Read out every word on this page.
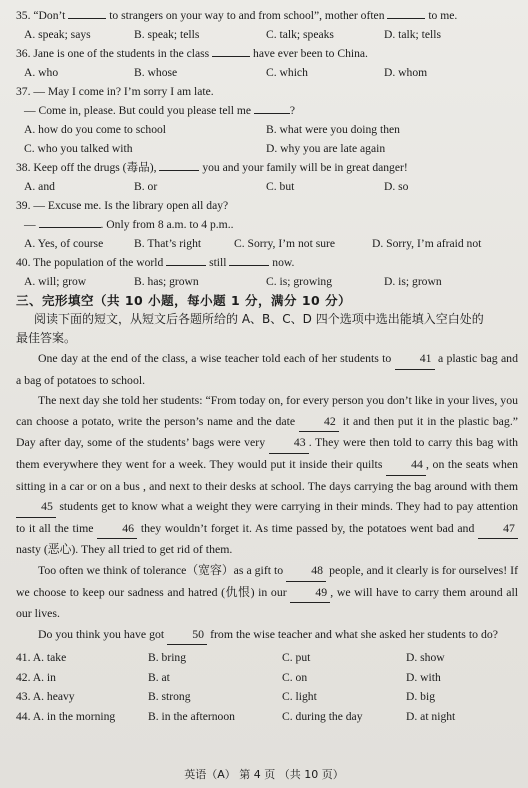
35. “Don’t	to strangers on your way to and from school”, mother often	to me.
A. speak; says	B. speak; tells	C. talk; speaks	D. talk; tells
36. Jane is one of the students in the class	have ever been to China.
A. who	B. whose	C. which	D. whom
37. — May I come in? I’m sorry I am late.
— Come in, please. But could you please tell me	?
A. how do you come to school	B. what were you doing then
C. who you talked with	D. why you are late again
38. Keep off the drugs (毒品),	you and your family will be in great danger!
A. and	B. or	C. but	D. so
39. — Excuse me. Is the library open all day?
—	. Only from 8 a.m. to 4 p.m..
A. Yes, of course	B. That’s right	C. Sorry, I’m not sure	D. Sorry, I’m afraid not
40. The population of the world	still	now.
A. will; grow	B. has; grown	C. is; growing	D. is; grown
三、完形填空（共 10 小题，每小题 1 分，满分 10 分）
阅读下面的短文，从短文后各题所给的 A、B、C、D 四个选项中选出能填入空白处的
最佳答案。

One day at the end of the class, a wise teacher told each of her students to 41 a plastic bag and a bag of potatoes to school.

The next day she told her students: “From today on, for every person you don’t like in your lives, you can choose a potato, write the person’s name and the date 42 it and then put it in the plastic bag.” Day after day, some of the students’ bags were very 43 . They were then told to carry this bag with them everywhere they went for a week. They would put it inside their quilts 44 , on the seats when sitting in a car or on a bus , and next to their desks at school. The days carrying the bag around with them 45 students get to know what a weight they were carrying in their minds. They had to pay attention to it all the time 46 they wouldn’t forget it. As time passed by, the potatoes went bad and 47nasty (恶心). They all tried to get rid of them.

Too often we think of tolerance（宽容）as a gift to 48 people, and it clearly is for ourselves! If we choose to keep our sadness and hatred (仇恨) in our 49 , we will have to carry them around all our lives.

Do you think you have got 50 from the wise teacher and what she asked her students to do?

41. A. take	B. bring	C. put	D. show
42. A. in	B. at	C. on	D. with
43. A. heavy	B. strong	C. light	D. big
44. A. in the morning	B. in the afternoon	C. during the day	D. at night
英语（A） 第 4 页 （共 10 页）
